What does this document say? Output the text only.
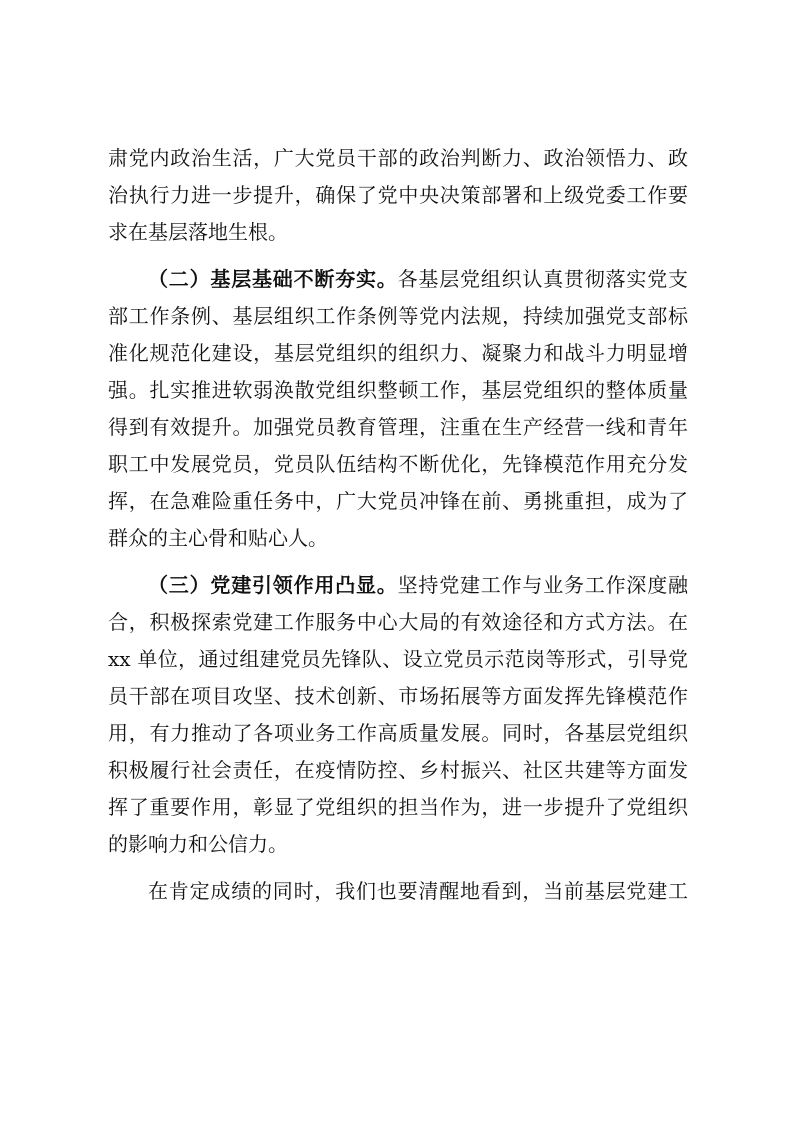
肃党内政治生活，广大党员干部的政治判断力、政治领悟力、政
治执行力进一步提升，确保了党中央决策部署和上级党委工作要
求在基层落地生根。
（二）基层基础不断夯实。各基层党组织认真贯彻落实党支
部工作条例、基层组织工作条例等党内法规，持续加强党支部标
准化规范化建设，基层党组织的组织力、凝聚力和战斗力明显增
强。扎实推进软弱涣散党组织整顿工作，基层党组织的整体质量
得到有效提升。加强党员教育管理，注重在生产经营一线和青年
职工中发展党员，党员队伍结构不断优化，先锋模范作用充分发
挥，在急难险重任务中，广大党员冲锋在前、勇挑重担，成为了
群众的主心骨和贴心人。
（三）党建引领作用凸显。坚持党建工作与业务工作深度融
合，积极探索党建工作服务中心大局的有效途径和方式方法。在
xx 单位，通过组建党员先锋队、设立党员示范岗等形式，引导党
员干部在项目攻坚、技术创新、市场拓展等方面发挥先锋模范作
用，有力推动了各项业务工作高质量发展。同时，各基层党组织
积极履行社会责任，在疫情防控、乡村振兴、社区共建等方面发
挥了重要作用，彰显了党组织的担当作为，进一步提升了党组织
的影响力和公信力。
在肯定成绩的同时，我们也要清醒地看到，当前基层党建工
